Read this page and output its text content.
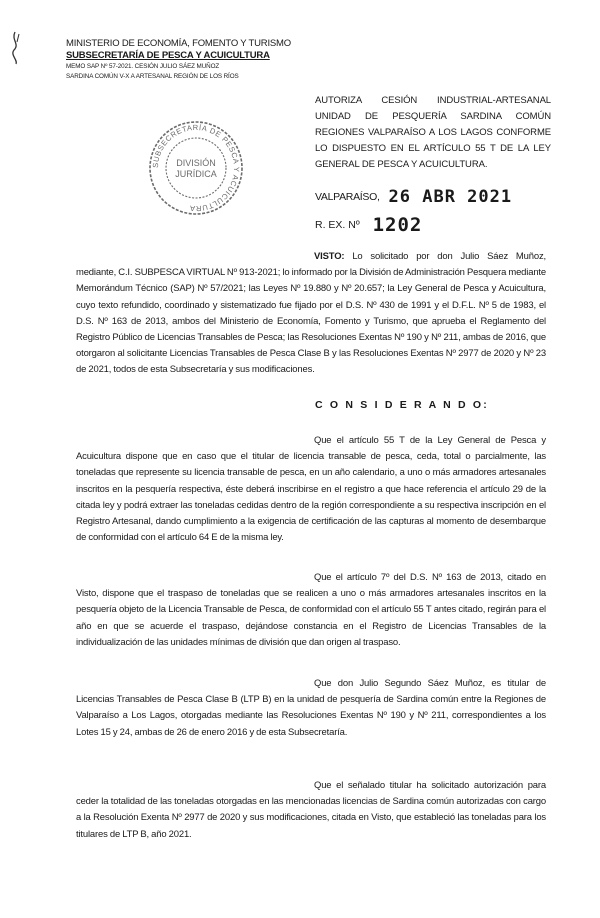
MINISTERIO DE ECONOMÍA, FOMENTO Y TURISMO
SUBSECRETARÍA DE PESCA Y ACUICULTURA
MEMO SAP Nº 57-2021. CESIÓN JULIO SÁEZ MUÑOZ
SARDINA COMÚN V-X A ARTESANAL REGIÓN DE LOS RÍOS
SUBSECRETARÍA DE PESCA Y ACUICULTURA
DIVISIÓN
JURÍDICA
AUTORIZA CESIÓN INDUSTRIAL-ARTESANAL UNIDAD DE PESQUERÍA SARDINA COMÚN REGIONES VALPARAÍSO A LOS LAGOS CONFORME LO DISPUESTO EN EL ARTÍCULO 55 T DE LA LEY GENERAL DE PESCA Y ACUICULTURA.
VALPARAÍSO, 26 ABR 2021
R. EX. Nº 1202
VISTO: Lo solicitado por don Julio Sáez Muñoz, mediante, C.I. SUBPESCA VIRTUAL Nº 913-2021; lo informado por la División de Administración Pesquera mediante Memorándum Técnico (SAP) Nº 57/2021; las Leyes Nº 19.880 y Nº 20.657; la Ley General de Pesca y Acuicultura, cuyo texto refundido, coordinado y sistematizado fue fijado por el D.S. Nº 430 de 1991 y el D.F.L. Nº 5 de 1983, el D.S. Nº 163 de 2013, ambos del Ministerio de Economía, Fomento y Turismo, que aprueba el Reglamento del Registro Público de Licencias Transables de Pesca; las Resoluciones Exentas Nº 190 y Nº 211, ambas de 2016, que otorgaron al solicitante Licencias Transables de Pesca Clase B y las Resoluciones Exentas Nº 2977 de 2020 y Nº 23 de 2021, todos de esta Subsecretaría y sus modificaciones.
C O N S I D E R A N D O:
Que el artículo 55 T de la Ley General de Pesca y Acuicultura dispone que en caso que el titular de licencia transable de pesca, ceda, total o parcialmente, las toneladas que represente su licencia transable de pesca, en un año calendario, a uno o más armadores artesanales inscritos en la pesquería respectiva, éste deberá inscribirse en el registro a que hace referencia el artículo 29 de la citada ley y podrá extraer las toneladas cedidas dentro de la región correspondiente a su respectiva inscripción en el Registro Artesanal, dando cumplimiento a la exigencia de certificación de las capturas al momento de desembarque de conformidad con el artículo 64 E de la misma ley.
Que el artículo 7º del D.S. Nº 163 de 2013, citado en Visto, dispone que el traspaso de toneladas que se realicen a uno o más armadores artesanales inscritos en la pesquería objeto de la Licencia Transable de Pesca, de conformidad con el artículo 55 T antes citado, regirán para el año en que se acuerde el traspaso, dejándose constancia en el Registro de Licencias Transables de la individualización de las unidades mínimas de división que dan origen al traspaso.
Que don Julio Segundo Sáez Muñoz, es titular de Licencias Transables de Pesca Clase B (LTP B) en la unidad de pesquería de Sardina común entre la Regiones de Valparaíso a Los Lagos, otorgadas mediante las Resoluciones Exentas Nº 190 y Nº 211, correspondientes a los Lotes 15 y 24, ambas de 26 de enero 2016 y de esta Subsecretaría.
Que el señalado titular ha solicitado autorización para ceder la totalidad de las toneladas otorgadas en las mencionadas licencias de Sardina común autorizadas con cargo a la Resolución Exenta Nº 2977 de 2020 y sus modificaciones, citada en Visto, que estableció las toneladas para los titulares de LTP B, año 2021.
